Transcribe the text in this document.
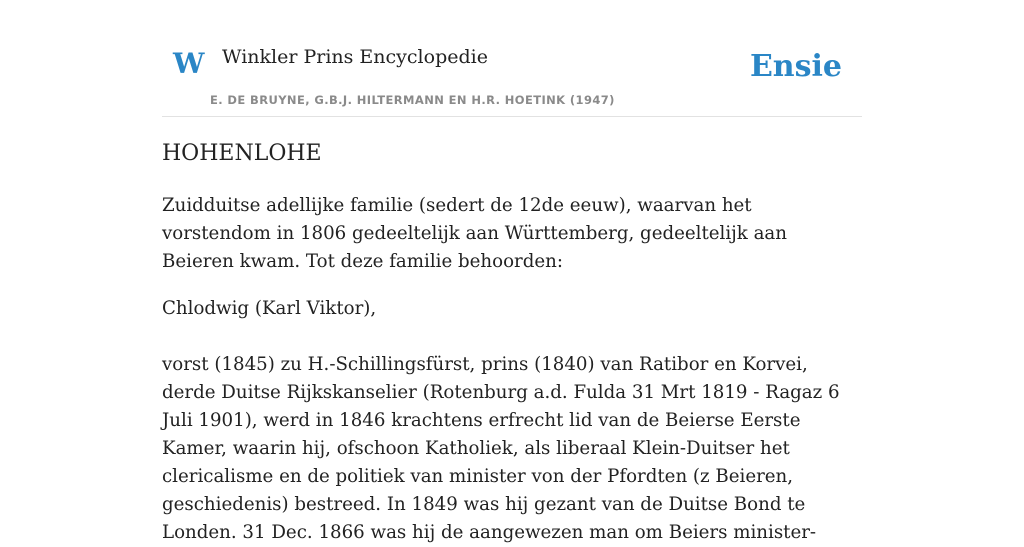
W Winkler Prins Encyclopedie
E. DE BRUYNE, G.B.J. HILTERMANN EN H.R. HOETINK (1947)
Ensie
HOHENLOHE

Zuidduitse adellijke familie (sedert de 12de eeuw), waarvan het vorstendom in 1806 gedeeltelijk aan Württemberg, gedeeltelijk aan Beieren kwam. Tot deze familie behoorden:

Chlodwig (Karl Viktor),

vorst (1845) zu H.-Schillingsfürst, prins (1840) van Ratibor en Korvei, derde Duitse Rijkskanselier (Rotenburg a.d. Fulda 31 Mrt 1819 - Ragaz 6 Juli 1901), werd in 1846 krachtens erfrecht lid van de Beierse Eerste Kamer, waarin hij, ofschoon Katholiek, als liberaal Klein-Duitser het clericalisme en de politiek van minister von der Pfordten (z Beieren, geschiedenis) bestreed. In 1849 was hij gezant van de Duitse Bond te Londen. 31 Dec. 1866 was hij de aangewezen man om Beiers minister-
